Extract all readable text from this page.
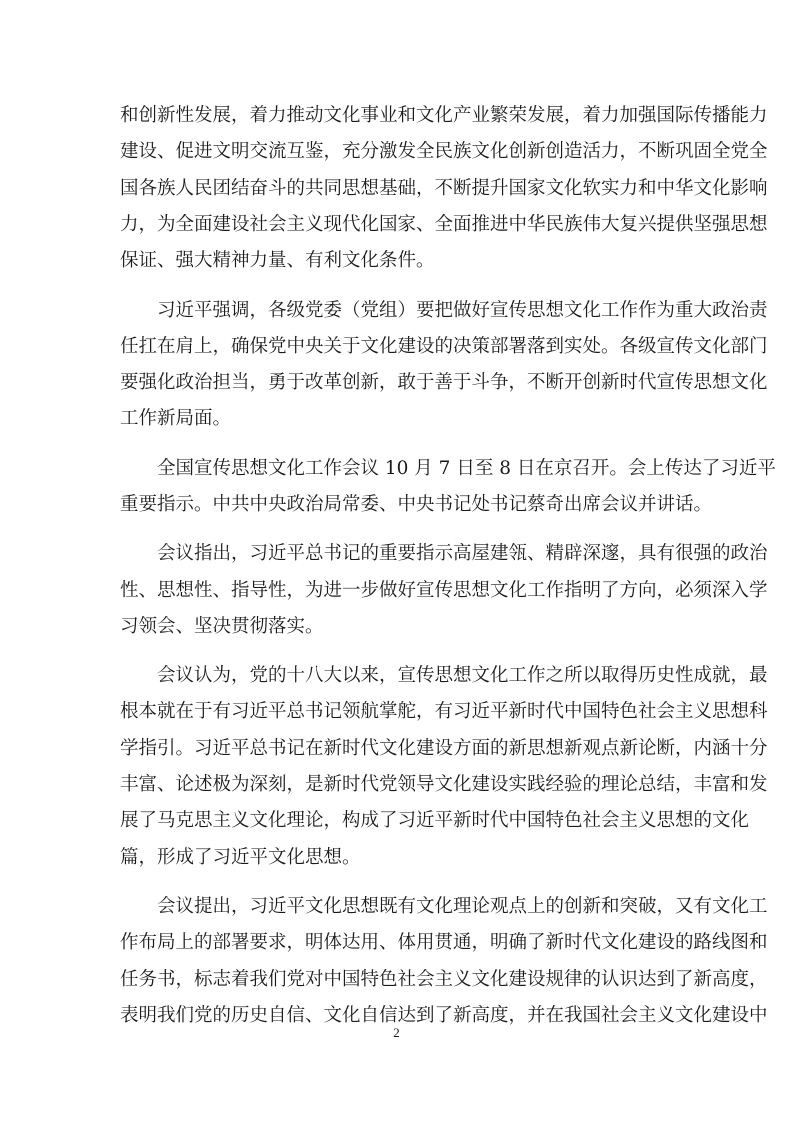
和创新性发展，着力推动文化事业和文化产业繁荣发展，着力加强国际传播能力
建设、促进文明交流互鉴，充分激发全民族文化创新创造活力，不断巩固全党全
国各族人民团结奋斗的共同思想基础，不断提升国家文化软实力和中华文化影响
力，为全面建设社会主义现代化国家、全面推进中华民族伟大复兴提供坚强思想
保证、强大精神力量、有利文化条件。
习近平强调，各级党委（党组）要把做好宣传思想文化工作作为重大政治责
任扛在肩上，确保党中央关于文化建设的决策部署落到实处。各级宣传文化部门
要强化政治担当，勇于改革创新，敢于善于斗争，不断开创新时代宣传思想文化
工作新局面。
全国宣传思想文化工作会议 10 月 7 日至 8 日在京召开。会上传达了习近平
重要指示。中共中央政治局常委、中央书记处书记蔡奇出席会议并讲话。
会议指出，习近平总书记的重要指示高屋建瓴、精辟深邃，具有很强的政治
性、思想性、指导性，为进一步做好宣传思想文化工作指明了方向，必须深入学
习领会、坚决贯彻落实。
会议认为，党的十八大以来，宣传思想文化工作之所以取得历史性成就，最
根本就在于有习近平总书记领航掌舵，有习近平新时代中国特色社会主义思想科
学指引。习近平总书记在新时代文化建设方面的新思想新观点新论断，内涵十分
丰富、论述极为深刻，是新时代党领导文化建设实践经验的理论总结，丰富和发
展了马克思主义文化理论，构成了习近平新时代中国特色社会主义思想的文化
篇，形成了习近平文化思想。
会议提出，习近平文化思想既有文化理论观点上的创新和突破，又有文化工
作布局上的部署要求，明体达用、体用贯通，明确了新时代文化建设的路线图和
任务书，标志着我们党对中国特色社会主义文化建设规律的认识达到了新高度，
表明我们党的历史自信、文化自信达到了新高度，并在我国社会主义文化建设中
2
